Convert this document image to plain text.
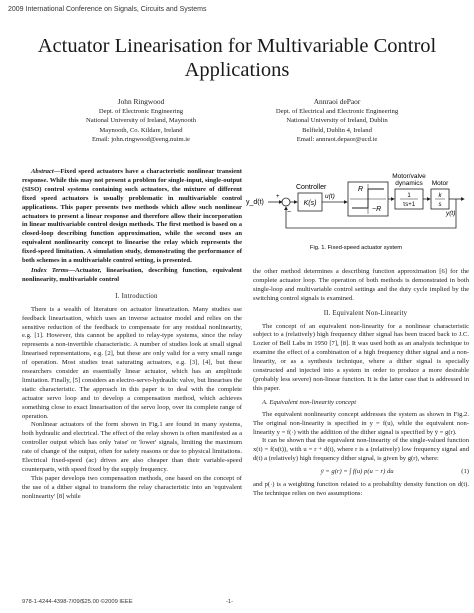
2009 International Conference on Signals, Circuits and Systems
Actuator Linearisation for Multivariable Control
Applications
John Ringwood
Dept. of Electronic Engineering
National University of Ireland, Maynooth
Maynooth, Co. Kildare, Ireland
Email: john.ringwood@eeng.nuim.ie
Annraoi dePaor
Dept. of Electrical and Electronic Engineering
National University of Ireland, Dublin
Belfield, Dublin 4, Ireland
Email: annraoi.depaor@ucd.ie

Abstract—Fixed speed actuators have a characteristic nonlinear transient response. While this may not present a problem for single-input, single-output (SISO) control systems containing such actuators, the mixture of different fixed speed actuators is usually problematic in multivariable control applications. This paper presents two methods which allow such nonlinear actuators to present a linear response and therefore allow their incorporation in linear multivariable control design methods. The first method is based on a closed-loop describing function approximation, while the second uses an equivalent nonlinearity concept to linearise the relay which represents the fixed-speed limitation. A simulation study, demonstrating the performance of both schemes in a multivariable control setting, is presented.

Index Terms—Actuator, linearisation, describing function, equivalent nonlinearity, multivariable control

I. Introduction

There is a wealth of literature on actuator linearization. Many studies use feedback linearisation, which uses an inverse actuator model and relies on the sensitive reduction of the feedback to compensate for any residual nonlinearity, e.g. [1]. However, this cannot be applied to relay-type systems, since the relay represents a non-invertible characteristic. A number of studies look at small signal linearised representations, e.g. [2], but these are only valid for a very small range of operation. Most studies treat saturating actuators, e.g. [3], [4], but these researchers consider an essentially linear actuator, which has an amplitude limitation. Finally, [5] considers an electro-servo-hydraulic valve, but linearises the static characteristic. The approach in this paper is to deal with the complete actuator servo loop and to develop a compensation method, which achieves something close to exact linearisation of the servo loop, over its complete range of operation.

Nonlinear actuators of the form shown in Fig.1 are found in many systems, both hydraulic and electrical. The effect of the relay shown is often manifested as a controller output which has only 'raise' or 'lower' signals, limiting the maximum rate of change of the output, often for safety reasons or due to physical limitations. Electrical fixed-speed (ac) drives are also cheaper than their variable-speed counterparts, with speed fixed by the supply frequency.

This paper develops two compensation methods, one based on the concept of the use of a dither signal to transform the relay characteristic into an 'equivalent nonlinearity' [8] while

y_d(t)
+
−
Controller
K(s)
u(t)
R
−R
Motor/valve
dynamics
1
τs+1
Motor
k
s
y(t)
Fig. 1. Fixed-speed actuator system

the other method determines a describing function approximation [6] for the complete actuator loop. The operation of both methods is demonstrated in both single-loop and multivariable control settings and the duty cycle implied by the switching control signals is examined.

II. Equivalent Non-Linearity

The concept of an equivalent non-linearity for a nonlinear characteristic subject to a (relatively) high frequency dither signal has been traced back to J.C. Lozier of Bell Labs in 1950 [7], [8]. It was used both as an analysis technique to examine the effect of a combination of a high frequency dither signal and a non-linearity, or as a synthesis technique, where a dither signal is specially constructed and injected into a system in order to produce a more desirable (probably less severe) non-linear function. It is the latter case that is addressed in this paper.

A. Equivalent non-linearity concept

The equivalent nonlinearity concept addresses the system as shown in Fig.2. The original non-linearity is specified in y = f(u), while the equivalent non-linearity y = f(·) with the addition of the dither signal is specified by ȳ = g(r).

It can be shown that the equivalent non-linearity of the single-valued function x(t) = f(u(t)), with u = r + d(t), where r is a (relatively) low frequency signal and d(t) a (relatively) high frequency dither signal, is given by g(r), where:

ȳ = g(r) = ∫ f(u) p(u − r) du	(1)

and p(·) is a weighting function related to a probability density function on d(t). The technique relies on two assumptions:

978-1-4244-4398-7/09/$25.00 ©2009 IEEE	-1-
